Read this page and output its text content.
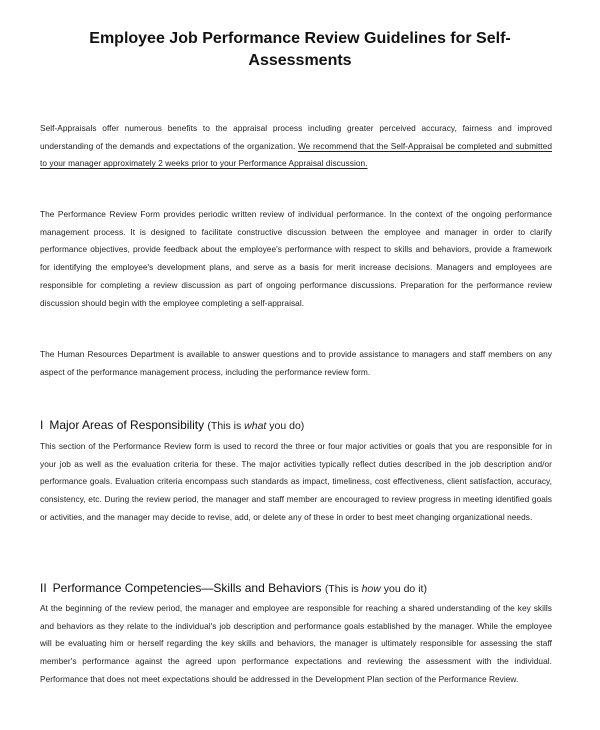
Employee Job Performance Review Guidelines for Self-Assessments

Self-Appraisals offer numerous benefits to the appraisal process including greater perceived accuracy, fairness and improved understanding of the demands and expectations of the organization. We recommend that the Self-Appraisal be completed and submitted to your manager approximately 2 weeks prior to your Performance Appraisal discussion.

The Performance Review Form provides periodic written review of individual performance. In the context of the ongoing performance management process. It is designed to facilitate constructive discussion between the employee and manager in order to clarify performance objectives, provide feedback about the employee's performance with respect to skills and behaviors, provide a framework for identifying the employee's development plans, and serve as a basis for merit increase decisions. Managers and employees are responsible for completing a review discussion as part of ongoing performance discussions. Preparation for the performance review discussion should begin with the employee completing a self-appraisal.

The Human Resources Department is available to answer questions and to provide assistance to managers and staff members on any aspect of the performance management process, including the performance review form.

I Major Areas of Responsibility (This is what you do)

This section of the Performance Review form is used to record the three or four major activities or goals that you are responsible for in your job as well as the evaluation criteria for these. The major activities typically reflect duties described in the job description and/or performance goals. Evaluation criteria encompass such standards as impact, timeliness, cost effectiveness, client satisfaction, accuracy, consistency, etc. During the review period, the manager and staff member are encouraged to review progress in meeting identified goals or activities, and the manager may decide to revise, add, or delete any of these in order to best meet changing organizational needs.

II Performance Competencies—Skills and Behaviors (This is how you do it)

At the beginning of the review period, the manager and employee are responsible for reaching a shared understanding of the key skills and behaviors as they relate to the individual's job description and performance goals established by the manager. While the employee will be evaluating him or herself regarding the key skills and behaviors, the manager is ultimately responsible for assessing the staff member's performance against the agreed upon performance expectations and reviewing the assessment with the individual. Performance that does not meet expectations should be addressed in the Development Plan section of the Performance Review.
